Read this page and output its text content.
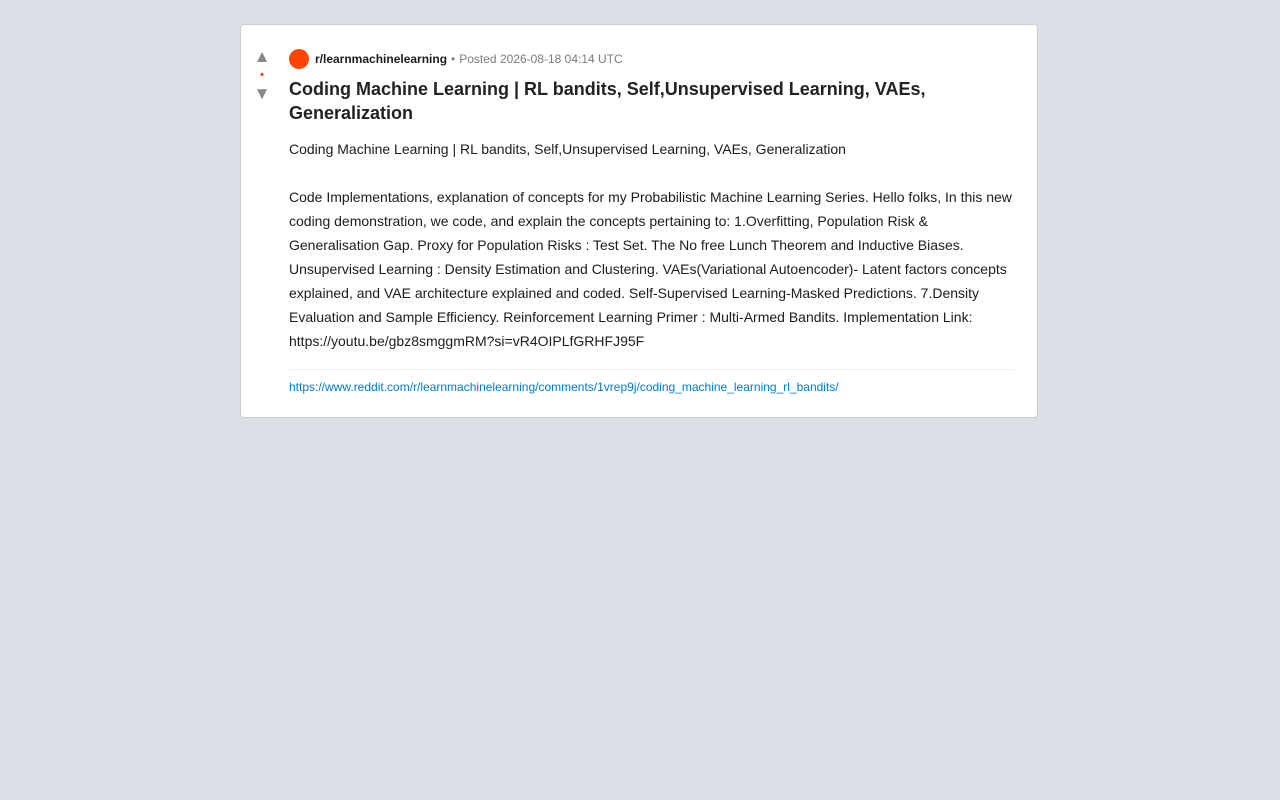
▲
•
▼
r/learnmachinelearning • Posted 2026-08-18 04:14 UTC
Coding Machine Learning | RL bandits, Self,Unsupervised Learning, VAEs, Generalization

Coding Machine Learning | RL bandits, Self,Unsupervised Learning, VAEs, Generalization

Code Implementations, explanation of concepts for my Probabilistic Machine Learning Series. Hello folks, In this new coding demonstration, we code, and explain the concepts pertaining to: 1.Overfitting, Population Risk & Generalisation Gap. Proxy for Population Risks : Test Set. The No free Lunch Theorem and Inductive Biases. Unsupervised Learning : Density Estimation and Clustering. VAEs(Variational Autoencoder)- Latent factors concepts explained, and VAE architecture explained and coded. Self-Supervised Learning-Masked Predictions. 7.Density Evaluation and Sample Efficiency. Reinforcement Learning Primer : Multi-Armed Bandits. Implementation Link: https://youtu.be/gbz8smggmRM?si=vR4OIPLfGRHFJ95F

https://www.reddit.com/r/learnmachinelearning/comments/1vrep9j/coding_machine_learning_rl_bandits/
